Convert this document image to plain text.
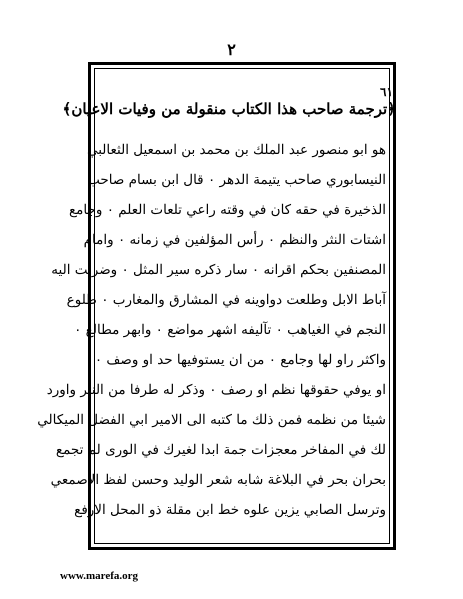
٢
٦١
﴿ترجمة صاحب هذا الكتاب منقولة من وفيات الاعيان﴾
هو ابو منصور عبد الملك بن محمد بن اسمعيل الثعالبي
النيسابوري صاحب يتيمة الدهر ٠ قال ابن بسام صاحب
الذخيرة في حقه كان في وقته راعي تلعات العلم ٠ وجامع
اشتات النثر والنظم ٠ رأس المؤلفين في زمانه ٠ وامام
المصنفين بحكم اقرانه ٠ سار ذكره سير المثل ٠ وضربت اليه
آباط الابل وطلعت دواوينه في المشارق والمغارب ٠ طلوع
النجم في الغياهب ٠ تآليفه اشهر مواضع ٠ وابهر مطالع ٠
واكثر راو لها وجامع ٠ من ان يستوفيها حد او وصف ٠
او يوفي حقوقها نظم او رصف ٠ وذكر له طرفا من النثر واورد
شيئا من نظمه فمن ذلك ما كتبه الى الامير ابي الفضل الميكالي
لك في المفاخر معجزات جمة ابدا لغيرك في الورى لم تجمع
بحران بحر في البلاغة شابه شعر الوليد وحسن لفظ الاصمعي
وترسل الصابي يزين علوه خط ابن مقلة ذو المحل الارفع
www.marefa.org
